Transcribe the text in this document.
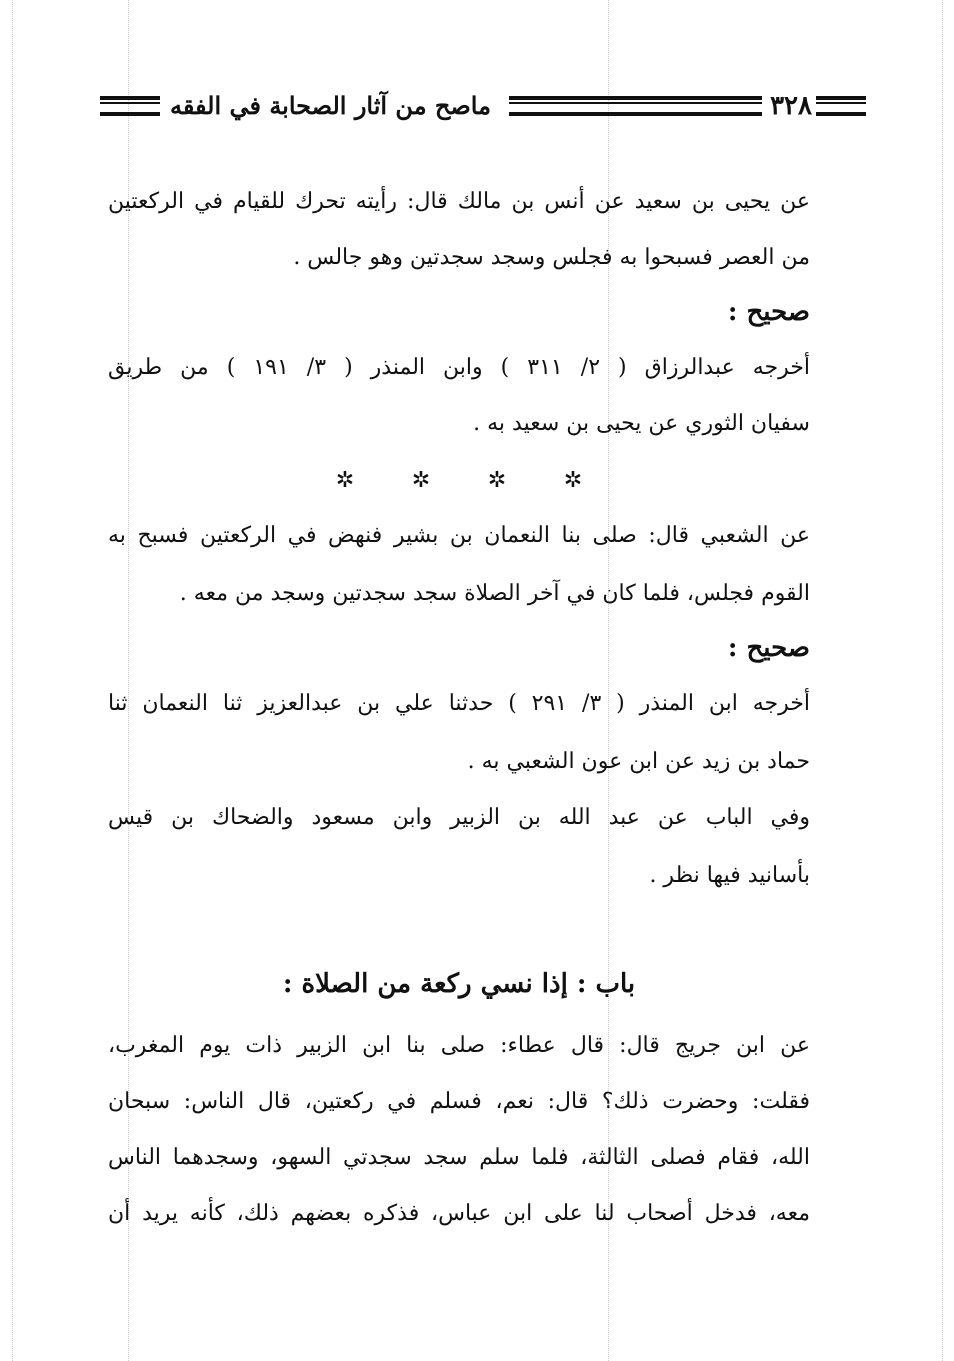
٣٢٨
ماصح من آثار الصحابة في الفقه
عن يحيى بن سعيد عن أنس بن مالك قال: رأيته تحرك للقيام في الركعتين
من العصر فسبحوا به فجلس وسجد سجدتين وهو جالس .
صحيح :
أخرجه عبدالرزاق ( ٢/ ٣١١ ) وابن المنذر ( ٣/ ١٩١ ) من طريق
سفيان الثوري عن يحيى بن سعيد به .
✲	✲	✲	✲
عن الشعبي قال: صلى بنا النعمان بن بشير فنهض في الركعتين فسبح به
القوم فجلس، فلما كان في آخر الصلاة سجد سجدتين وسجد من معه .
صحيح :
أخرجه ابن المنذر ( ٣/ ٢٩١ ) حدثنا علي بن عبدالعزيز ثنا النعمان ثنا
حماد بن زيد عن ابن عون الشعبي به .
وفي الباب عن عبد الله بن الزبير وابن مسعود والضحاك بن قيس
بأسانيد فيها نظر .
باب : إذا نسي ركعة من الصلاة :
عن ابن جريج قال: قال عطاء: صلى بنا ابن الزبير ذات يوم المغرب،
فقلت: وحضرت ذلك؟ قال: نعم، فسلم في ركعتين، قال الناس: سبحان
الله، فقام فصلى الثالثة، فلما سلم سجد سجدتي السهو، وسجدهما الناس
معه، فدخل أصحاب لنا على ابن عباس، فذكره بعضهم ذلك، كأنه يريد أن
